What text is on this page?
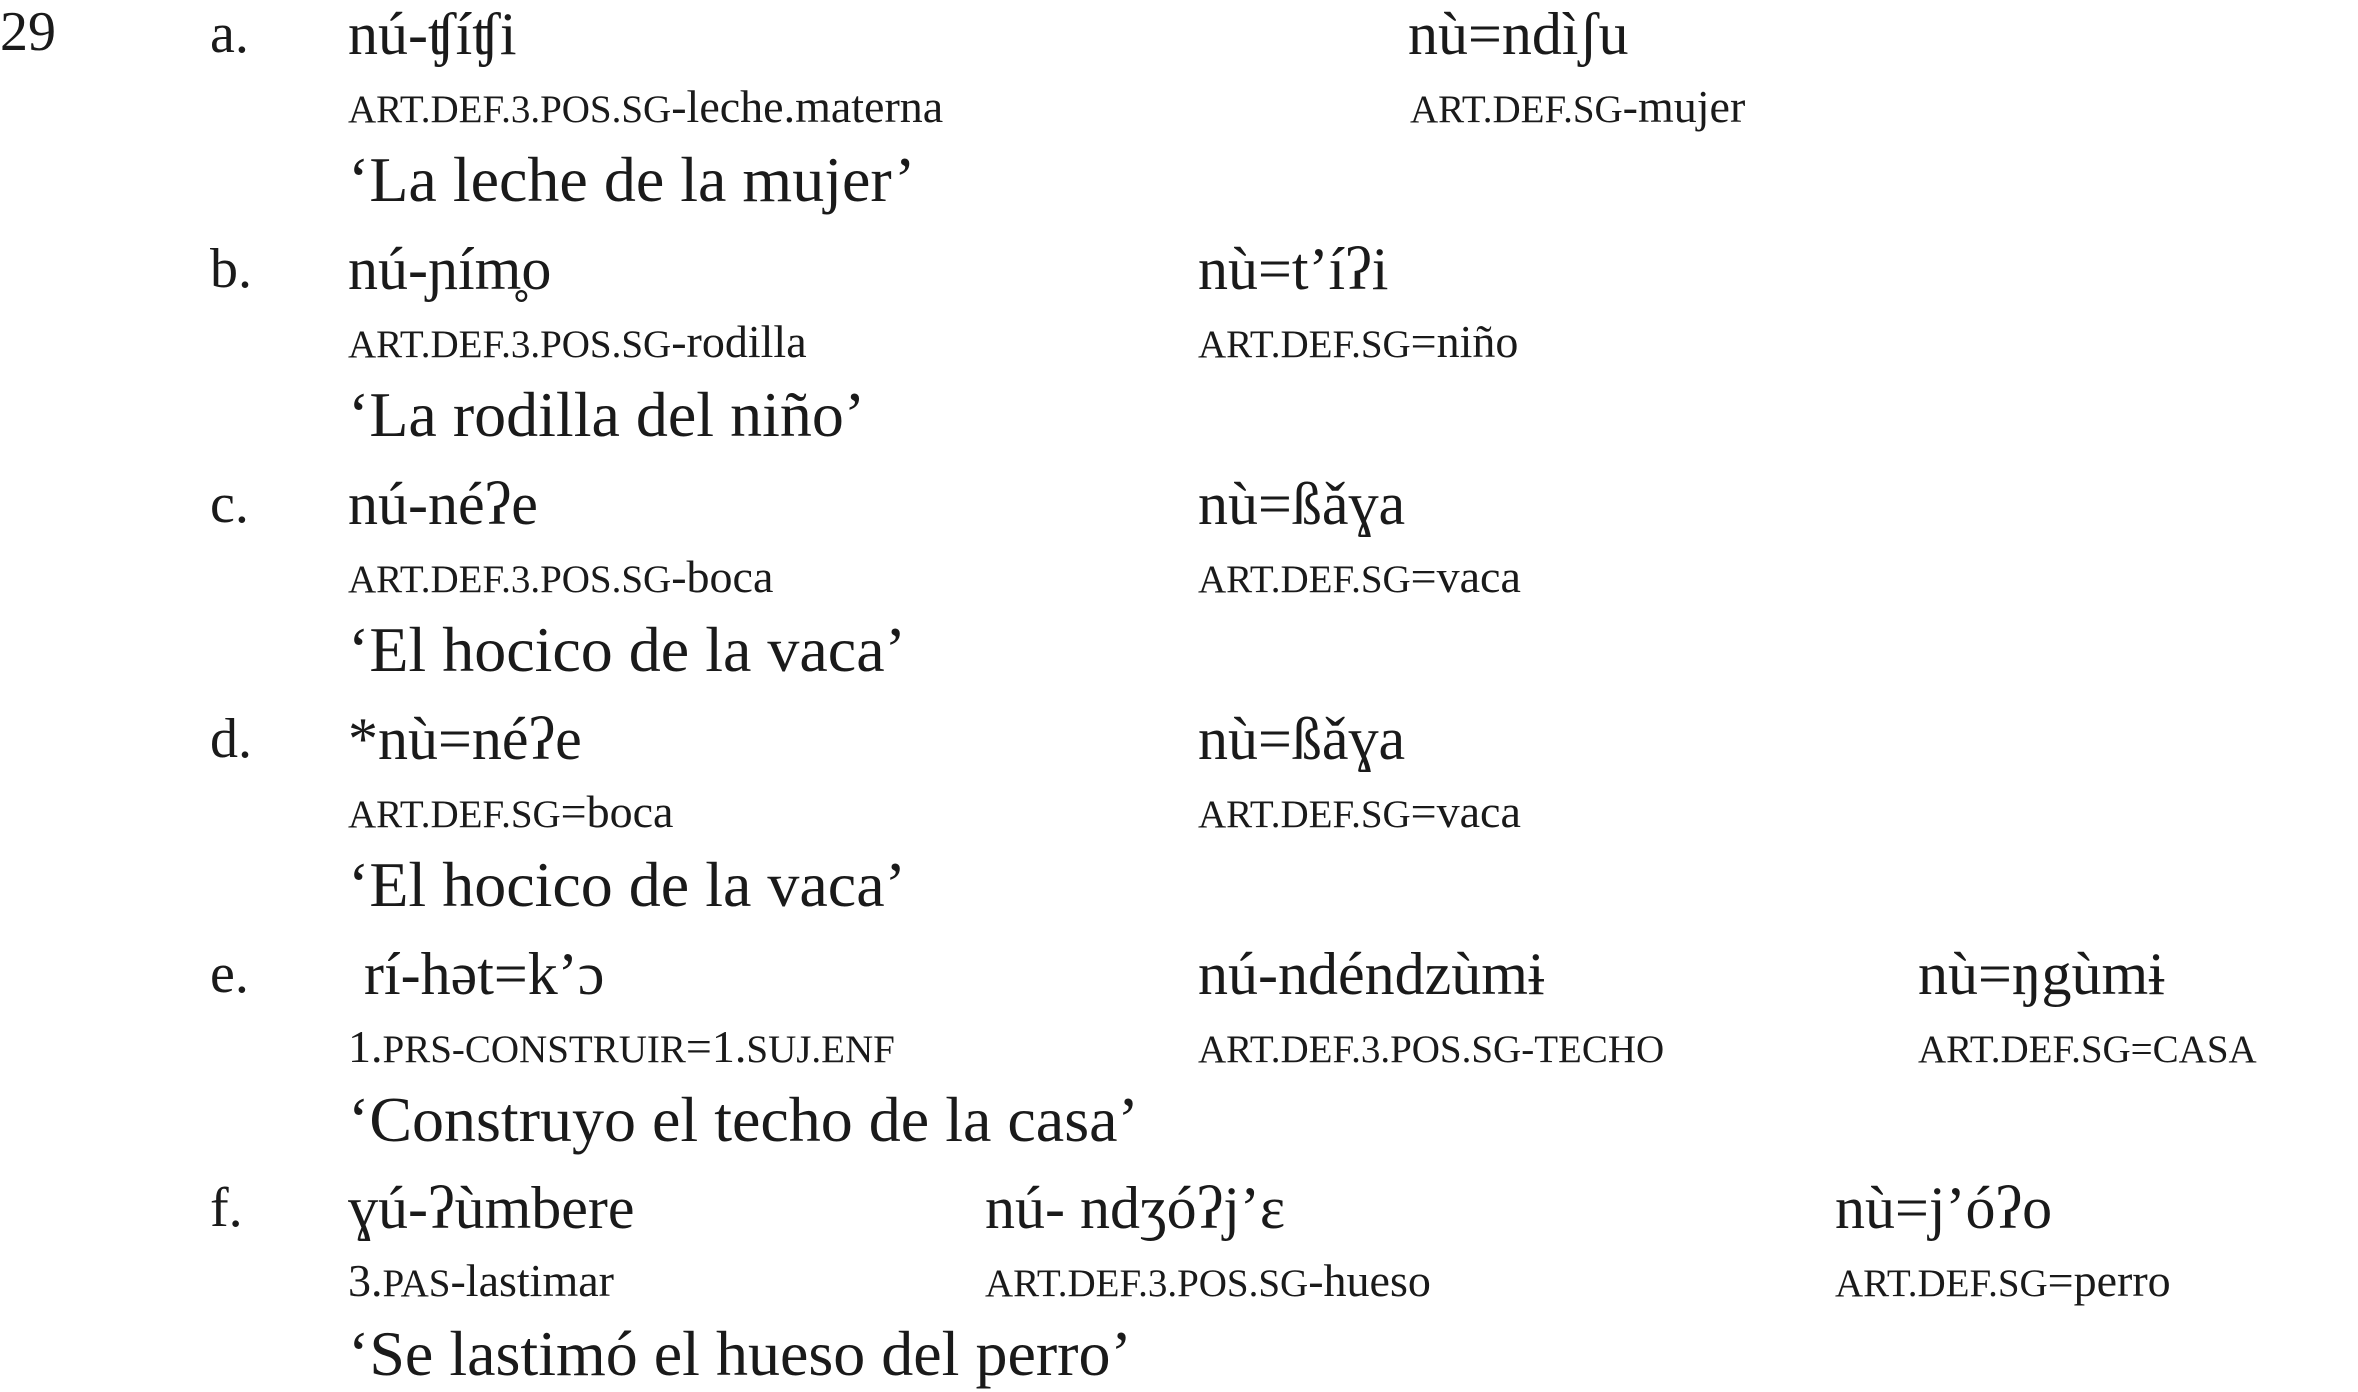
29	a. nú-ʧíʧi
ART.DEF.3.POS.SG-leche.materna
nù=ndìʃu
ART.DEF.SG-mujer
‘La leche de la mujer’
b. nú-ɲím̥o
ART.DEF.3.POS.SG-rodilla
nù=t’íʔi
ART.DEF.SG=niño
‘La rodilla del niño’
c. nú-néʔe
ART.DEF.3.POS.SG-boca
nù=ßǎɣa
ART.DEF.SG=vaca
‘El hocico de la vaca’
d. *nù=néʔe
ART.DEF.SG=boca
nù=ßǎɣa
ART.DEF.SG=vaca
‘El hocico de la vaca’
e. rí-hət=k’ɔ
1.PRS-CONSTRUIR=1.SUJ.ENF
nú-ndéndzùmɨ
ART.DEF.3.POS.SG-TECHO
nù=ŋgùmɨ
ART.DEF.SG=CASA
‘Construyo el techo de la casa’
f. ɣú-ʔùmbere
3.PAS-lastimar
nú- ndʒóʔj’ɛ
ART.DEF.3.POS.SG-hueso
nù=j’óʔo
ART.DEF.SG=perro
‘Se lastimó el hueso del perro’
